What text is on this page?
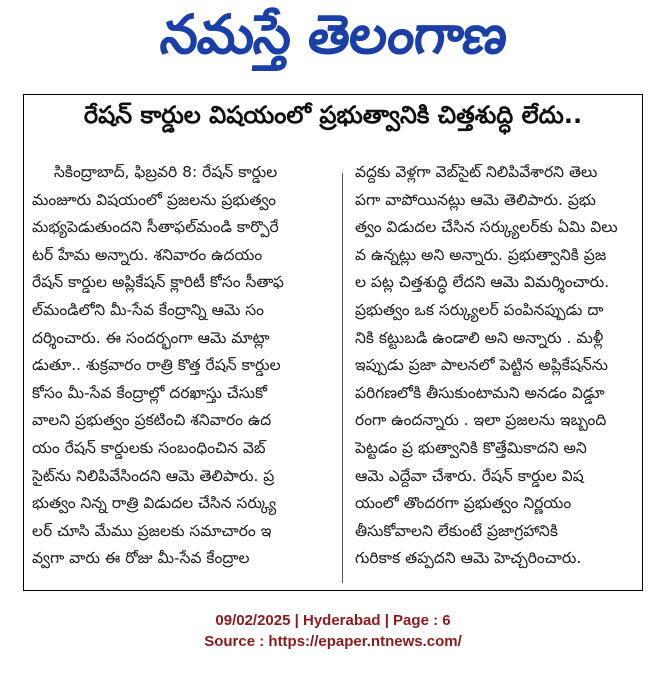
నమస్తే తెలంగాణ
రేషన్ కార్డుల విషయంలో ప్రభుత్వానికి చిత్తశుద్ధి లేదు..
సికింద్రాబాద్, ఫిబ్రవరి 8: రేషన్ కార్డుల
మంజూరు విషయంలో ప్రజలను ప్రభుత్వం
మభ్యపెడుతుందని సీతాఫల్‌మండి కార్పొరే
టర్ హేమ అన్నారు. శనివారం ఉదయం
రేషన్ కార్డుల అప్లికేషన్ క్లారిటీ కోసం సీతాఫ
ల్‌మండిలోని మీ-సేవ కేంద్రాన్ని ఆమె సం
దర్శించారు. ఈ సందర్భంగా ఆమె మాట్లా
డుతూ.. శుక్రవారం రాత్రి కొత్త రేషన్ కార్డుల
కోసం మీ-సేవ కేంద్రాల్లో దరఖాస్తు చేసుకో
వాలని ప్రభుత్వం ప్రకటించి శనివారం ఉద
యం రేషన్ కార్డులకు సంబంధించిన వెబ్
సైట్‌ను నిలిపివేసిందని ఆమె తెలిపారు. ప్ర
భుత్వం నిన్న రాత్రి విడుదల చేసిన సర్క్యు
లర్ చూసి మేము ప్రజలకు సమాచారం ఇ
వ్వగా వారు ఈ రోజు మీ-సేవ కేంద్రాల
వద్దకు వెళ్లగా వెబ్‌సైట్ నిలిపివేశారని తెలు
పగా వాపోయినట్లు ఆమె తెలిపారు. ప్రభు
త్వం విడుదల చేసిన సర్క్యులర్‌కు ఏమి విలు
వ ఉన్నట్లు అని అన్నారు. ప్రభుత్వానికి ప్రజ
ల పట్ల చిత్తశుద్ధి లేదని ఆమె విమర్శించారు.
ప్రభుత్వం ఒక సర్క్యులర్ పంపినప్పుడు దా
నికి కట్టుబడి ఉండాలి అని అన్నారు . మళ్లీ
ఇప్పుడు ప్రజా పాలనలో పెట్టిన అప్లికేషన్‌ను
పరిగణలోకి తీసుకుంటామని అనడం విడ్డూ
రంగా ఉందన్నారు . ఇలా ప్రజలను ఇబ్బంది
పెట్టడం ప్ర భుత్వానికి కొత్తేమికాదని అని
ఆమె ఎద్దేవా చేశారు. రేషన్ కార్డుల విష
యంలో తొందరగా ప్రభుత్వం నిర్ణయం
తీసుకోవాలని లేకుంటే ప్రజాగ్రహానికి
గురికాక తప్పదని ఆమె హెచ్చరించారు.
09/02/2025 | Hyderabad | Page : 6
Source : https://epaper.ntnews.com/
